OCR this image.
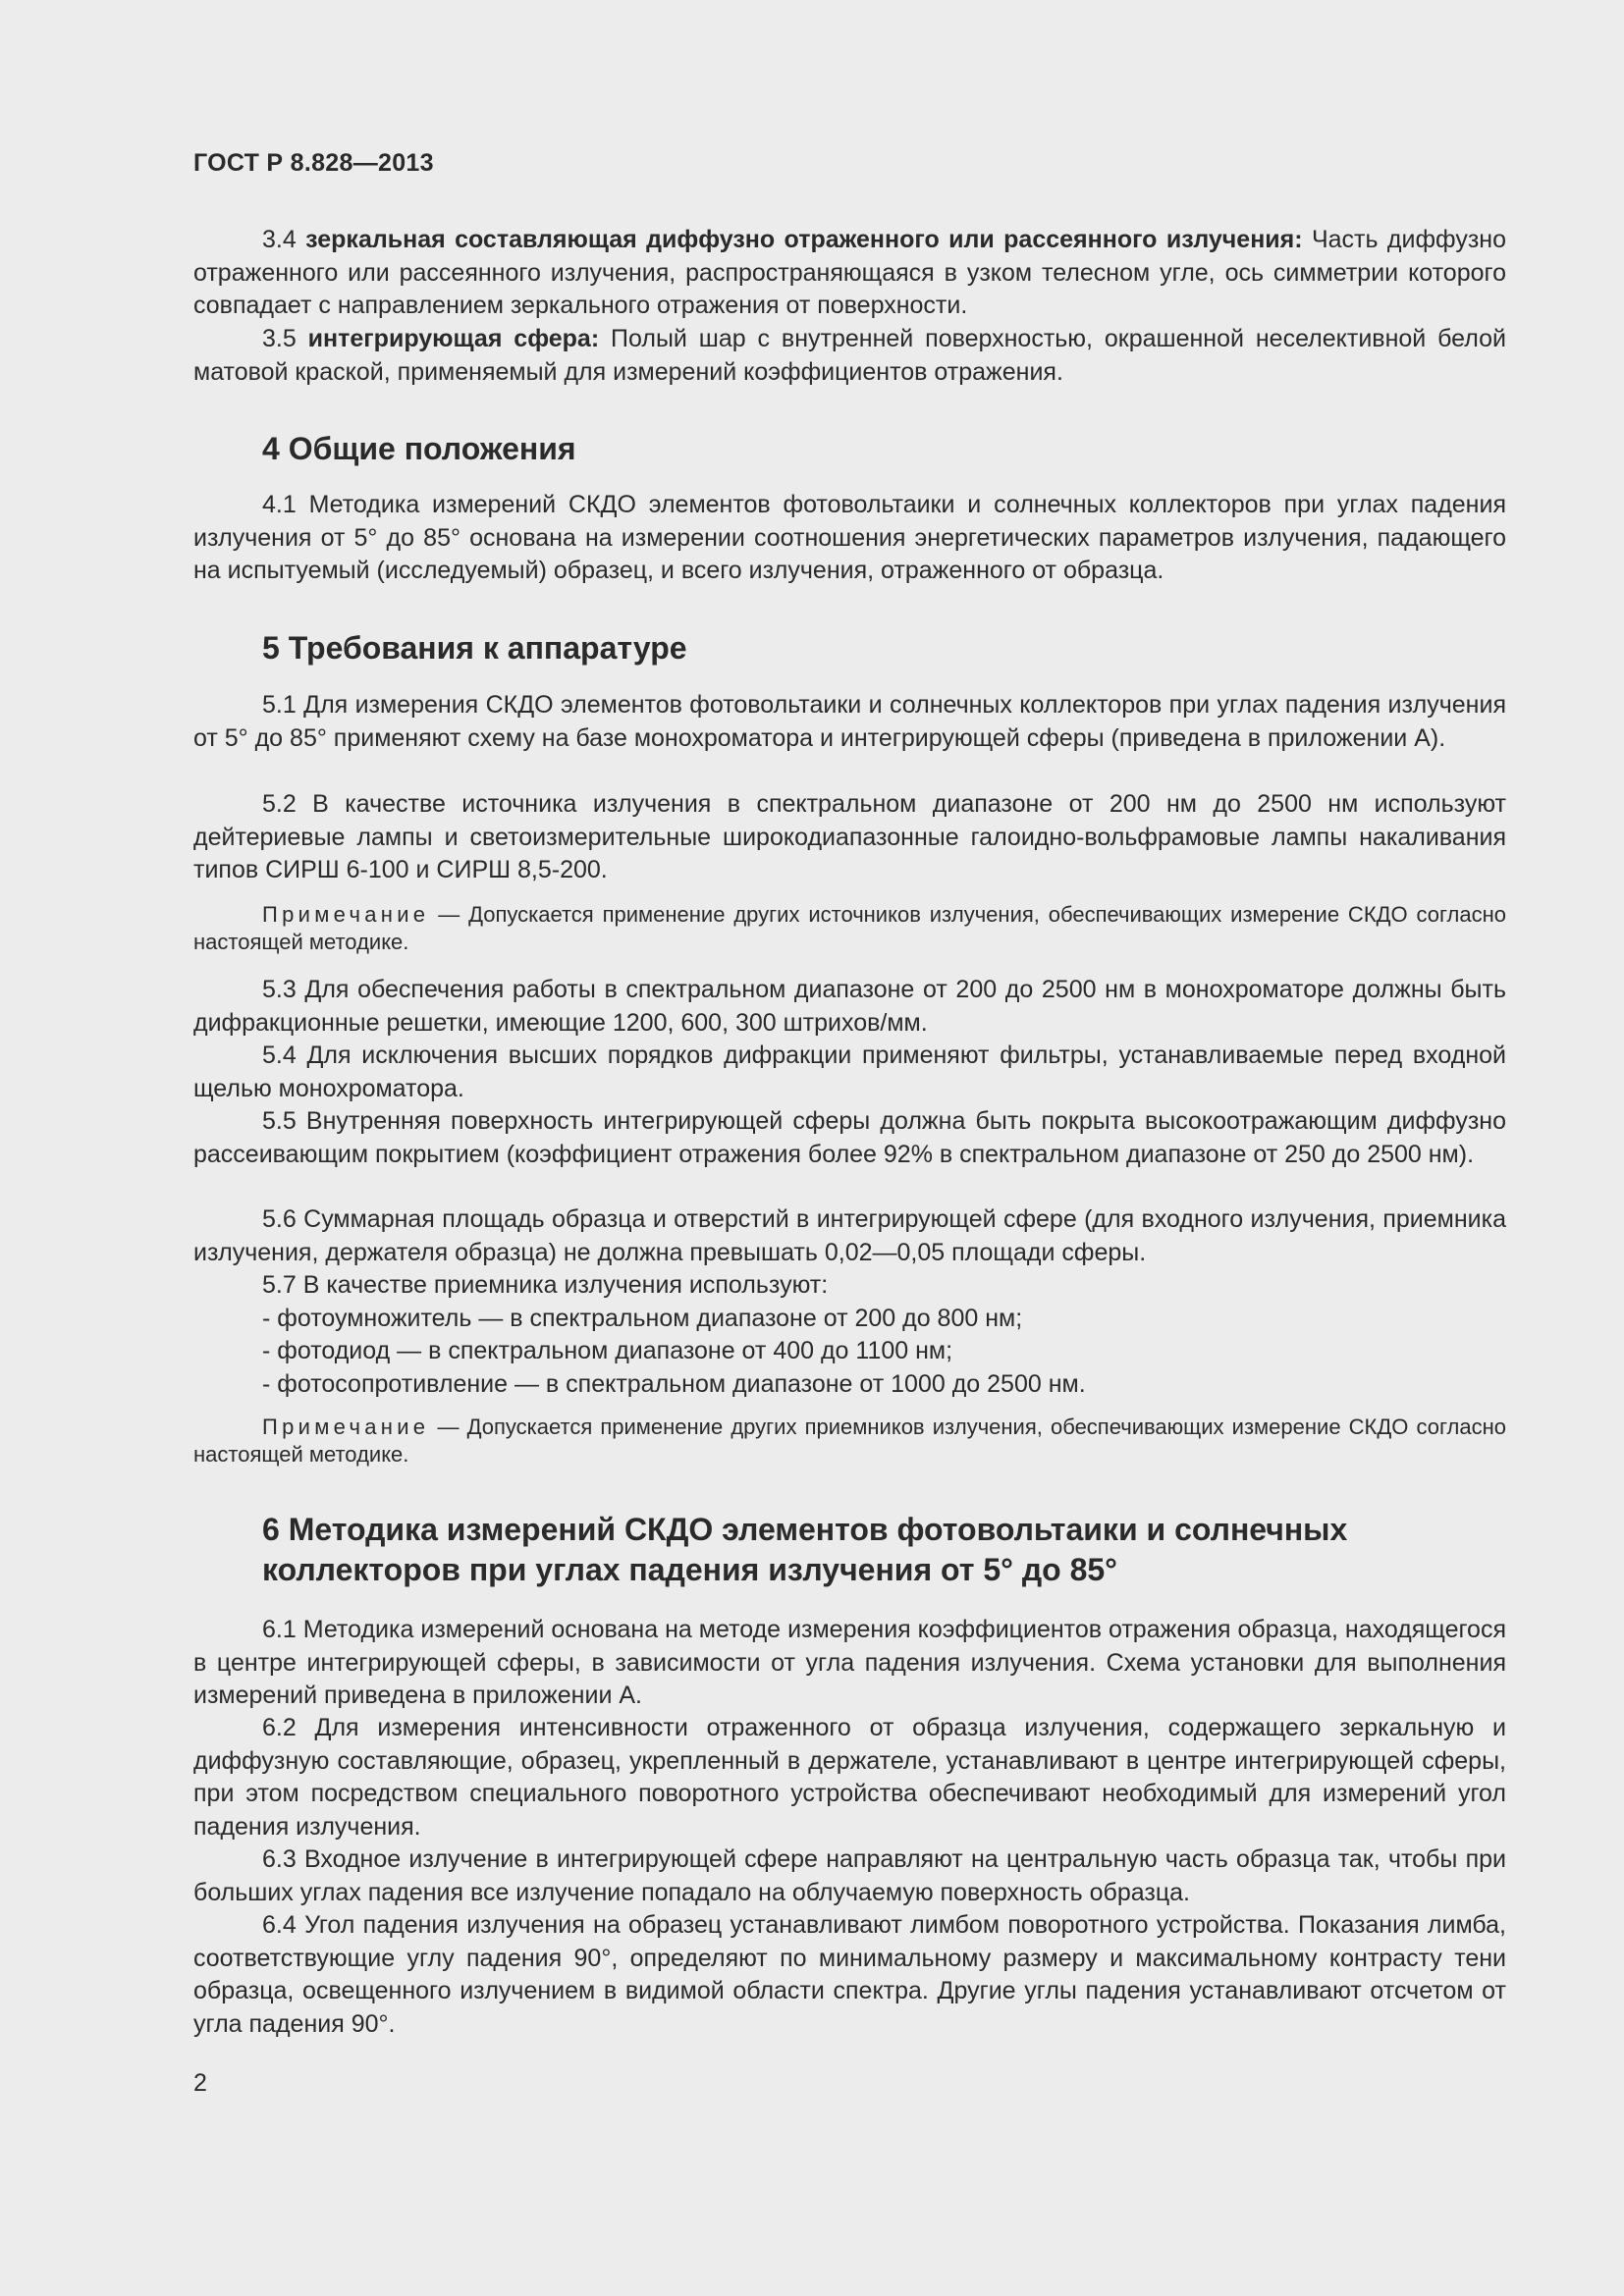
ГОСТ Р 8.828—2013
3.4 зеркальная составляющая диффузно отраженного или рассеянного излучения: Часть диффузно отраженного или рассеянного излучения, распространяющаяся в узком телесном угле, ось симметрии которого совпадает с направлением зеркального отражения от поверхности.
3.5 интегрирующая сфера: Полый шар с внутренней поверхностью, окрашенной неселективной белой матовой краской, применяемый для измерений коэффициентов отражения.
4 Общие положения
4.1 Методика измерений СКДО элементов фотовольтаики и солнечных коллекторов при углах падения излучения от 5° до 85° основана на измерении соотношения энергетических параметров излучения, падающего на испытуемый (исследуемый) образец, и всего излучения, отраженного от образца.
5 Требования к аппаратуре
5.1 Для измерения СКДО элементов фотовольтаики и солнечных коллекторов при углах падения излучения от 5° до 85° применяют схему на базе монохроматора и интегрирующей сферы (приведена в приложении А).
5.2 В качестве источника излучения в спектральном диапазоне от 200 нм до 2500 нм используют дейтериевые лампы и светоизмерительные широкодиапазонные галоидно-вольфрамовые лампы накаливания типов СИРШ 6-100 и СИРШ 8,5-200.
Примечание — Допускается применение других источников излучения, обеспечивающих измерение СКДО согласно настоящей методике.
5.3 Для обеспечения работы в спектральном диапазоне от 200 до 2500 нм в монохроматоре должны быть дифракционные решетки, имеющие 1200, 600, 300 штрихов/мм.
5.4 Для исключения высших порядков дифракции применяют фильтры, устанавливаемые перед входной щелью монохроматора.
5.5 Внутренняя поверхность интегрирующей сферы должна быть покрыта высокоотражающим диффузно рассеивающим покрытием (коэффициент отражения более 92% в спектральном диапазоне от 250 до 2500 нм).
5.6 Суммарная площадь образца и отверстий в интегрирующей сфере (для входного излучения, приемника излучения, держателя образца) не должна превышать 0,02—0,05 площади сферы.
5.7 В качестве приемника излучения используют:
- фотоумножитель — в спектральном диапазоне от 200 до 800 нм;
- фотодиод — в спектральном диапазоне от 400 до 1100 нм;
- фотосопротивление — в спектральном диапазоне от 1000 до 2500 нм.
Примечание — Допускается применение других приемников излучения, обеспечивающих измерение СКДО согласно настоящей методике.
6 Методика измерений СКДО элементов фотовольтаики и солнечных
коллекторов при углах падения излучения от 5° до 85°
6.1 Методика измерений основана на методе измерения коэффициентов отражения образца, находящегося в центре интегрирующей сферы, в зависимости от угла падения излучения. Схема установки для выполнения измерений приведена в приложении А.
6.2 Для измерения интенсивности отраженного от образца излучения, содержащего зеркальную и диффузную составляющие, образец, укрепленный в держателе, устанавливают в центре интегрирующей сферы, при этом посредством специального поворотного устройства обеспечивают необходимый для измерений угол падения излучения.
6.3 Входное излучение в интегрирующей сфере направляют на центральную часть образца так, чтобы при больших углах падения все излучение попадало на облучаемую поверхность образца.
6.4 Угол падения излучения на образец устанавливают лимбом поворотного устройства. Показания лимба, соответствующие углу падения 90°, определяют по минимальному размеру и максимальному контрасту тени образца, освещенного излучением в видимой области спектра. Другие углы падения устанавливают отсчетом от угла падения 90°.
2
